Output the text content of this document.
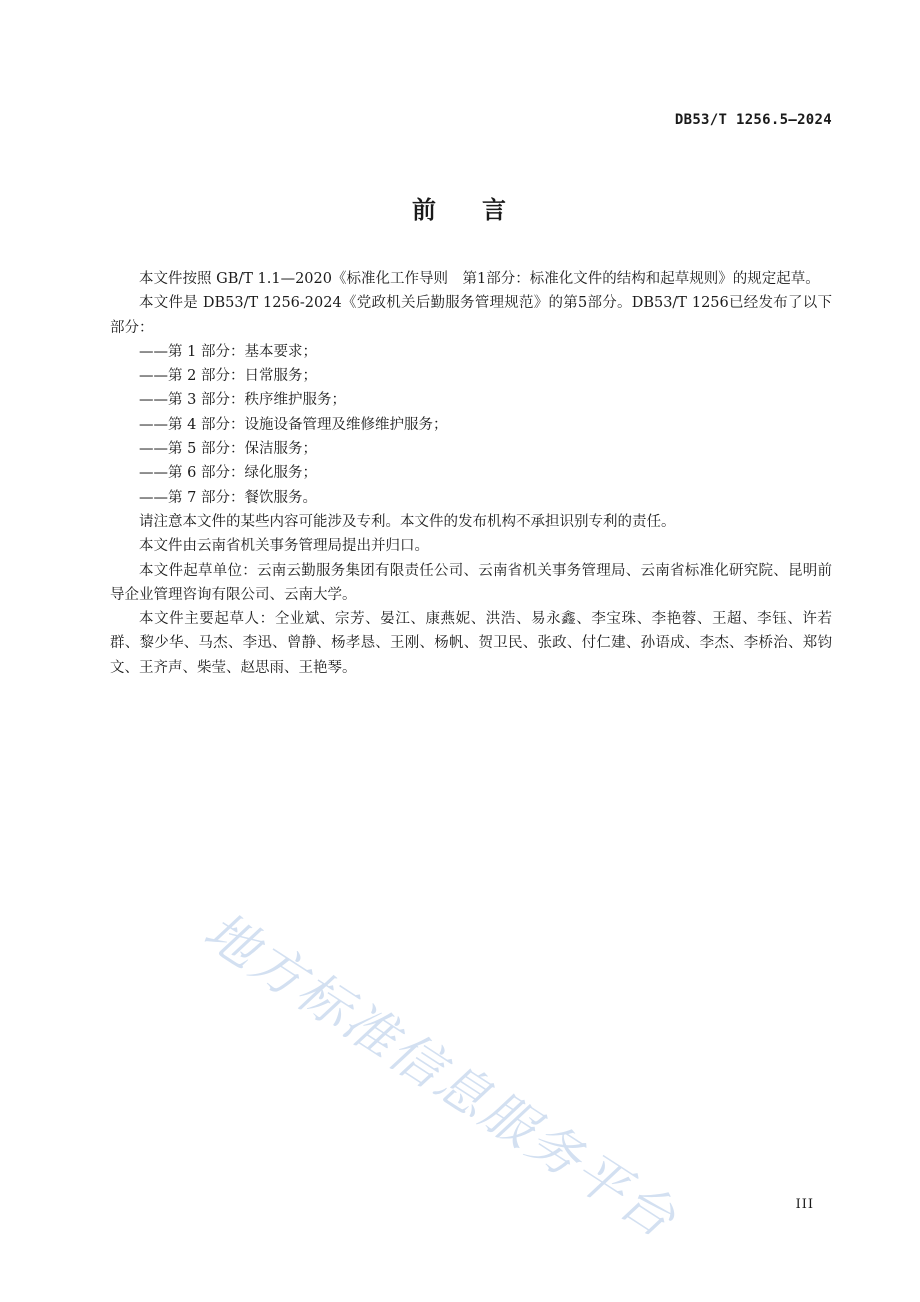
DB53/T 1256.5—2024
前 言

本文件按照 GB/T 1.1—2020《标准化工作导则　第1部分：标准化文件的结构和起草规则》的规定起草。

本文件是 DB53/T 1256-2024《党政机关后勤服务管理规范》的第5部分。DB53/T 1256已经发布了以下部分：

——第 1 部分：基本要求；

——第 2 部分：日常服务；

——第 3 部分：秩序维护服务；

——第 4 部分：设施设备管理及维修维护服务；

——第 5 部分：保洁服务；

——第 6 部分：绿化服务；

——第 7 部分：餐饮服务。

请注意本文件的某些内容可能涉及专利。本文件的发布机构不承担识别专利的责任。

本文件由云南省机关事务管理局提出并归口。

本文件起草单位：云南云勤服务集团有限责任公司、云南省机关事务管理局、云南省标准化研究院、昆明前导企业管理咨询有限公司、云南大学。

本文件主要起草人：仝业斌、宗芳、晏江、康燕妮、洪浩、易永鑫、李宝珠、李艳蓉、王超、李钰、许若群、黎少华、马杰、李迅、曾静、杨孝恳、王刚、杨帆、贺卫民、张政、付仁建、孙语成、李杰、李桥治、郑钧文、王齐声、柴莹、赵思雨、王艳琴。

地方标准信息服务平台	III
